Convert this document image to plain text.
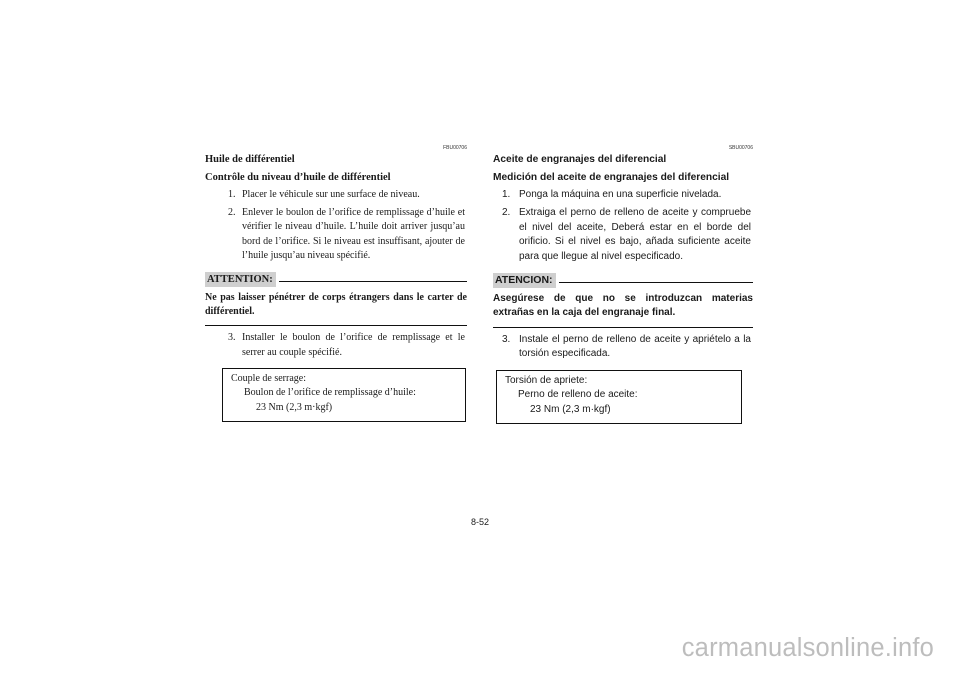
FBU00706
Huile de différentiel
Contrôle du niveau d’huile de différentiel
1. Placer le véhicule sur une surface de niveau.
2. Enlever le boulon de l’orifice de remplissage d’huile et vérifier le niveau d’huile. L’huile doit arriver jusqu’au bord de l’orifice. Si le niveau est insuffisant, ajouter de l’huile jusqu’au niveau spécifié.
ATTENTION:
Ne pas laisser pénétrer de corps étrangers dans le carter de différentiel.
3. Installer le boulon de l’orifice de remplissage et le serrer au couple spécifié.
Couple de serrage:
Boulon de l’orifice de remplissage d’huile:
23 Nm (2,3 m·kgf)
SBU00706
Aceite de engranajes del diferencial
Medición del aceite de engranajes del diferencial
1. Ponga la máquina en una superficie nivelada.
2. Extraiga el perno de relleno de aceite y compruebe el nivel del aceite, Deberá estar en el borde del orificio. Si el nivel es bajo, añada suficiente aceite para que llegue al nivel especificado.
ATENCION:
Asegúrese de que no se introduzcan materias extrañas en la caja del engranaje final.
3. Instale el perno de relleno de aceite y apriételo a la torsión especificada.
Torsión de apriete:
Perno de relleno de aceite:
23 Nm (2,3 m·kgf)
8-52
carmanualsonline.info
